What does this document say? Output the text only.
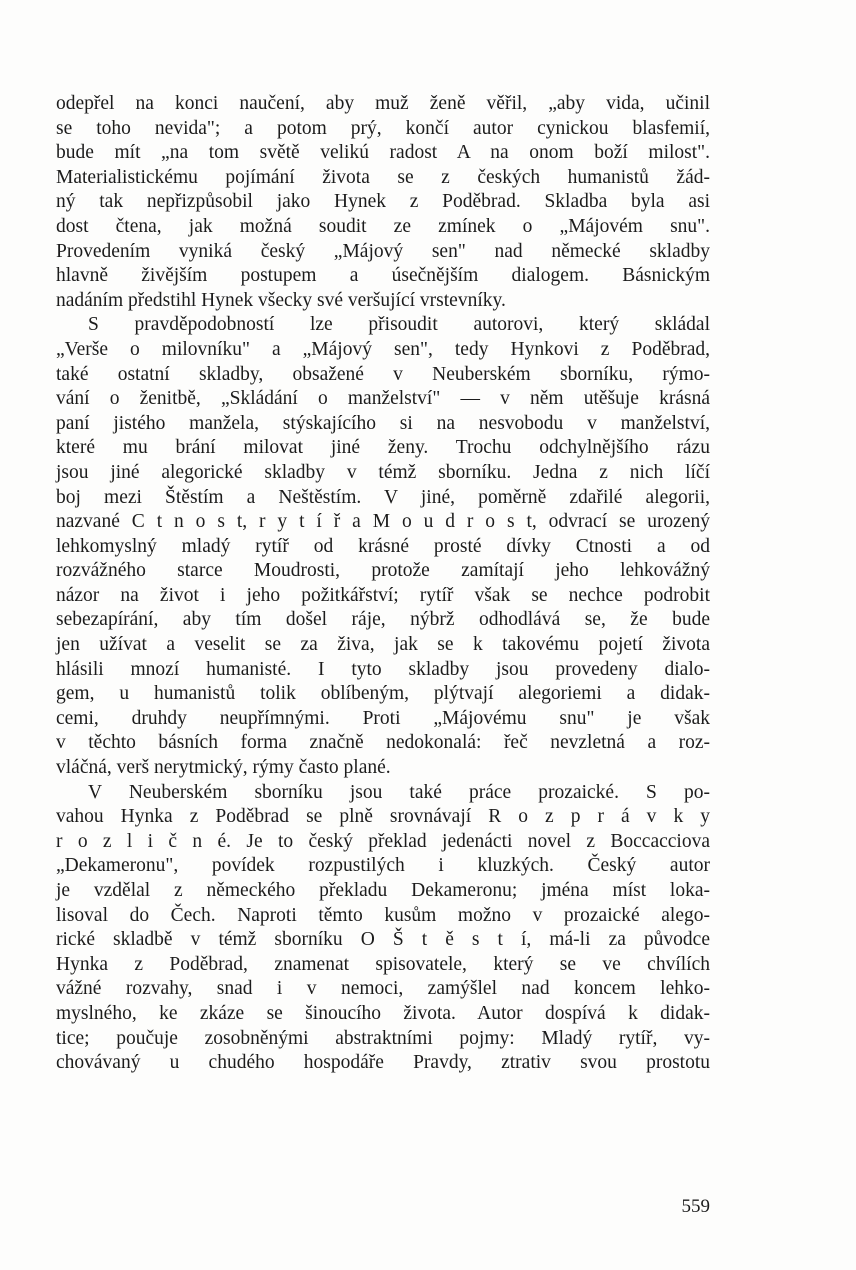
odepřel na konci naučení, aby muž ženě věřil, „aby vida, učinil
se toho nevida"; a potom prý, končí autor cynickou blasfemií,
bude mít „na tom světě velikú radost A na onom boží milost".
Materialistickému pojímání života se z českých humanistů žád-
ný tak nepřizpůsobil jako Hynek z Poděbrad. Skladba byla asi
dost čtena, jak možná soudit ze zmínek o „Májovém snu".
Provedením vyniká český „Májový sen" nad německé skladby
hlavně živějším postupem a úsečnějším dialogem. Básnickým
nadáním předstihl Hynek všecky své veršující vrstevníky.
S pravděpodobností lze přisoudit autorovi, který skládal
„Verše o milovníku" a „Májový sen", tedy Hynkovi z Poděbrad,
také ostatní skladby, obsažené v Neuberském sborníku, rýmo-
vání o ženitbě, „Skládání o manželství" — v něm utěšuje krásná
paní jistého manžela, stýskajícího si na nesvobodu v manželství,
které mu brání milovat jiné ženy. Trochu odchylnějšího rázu
jsou jiné alegorické skladby v témž sborníku. Jedna z nich líčí
boj mezi Štěstím a Neštěstím. V jiné, poměrně zdařilé alegorii,
nazvané C t n o s t, r y t í ř a M o u d r o s t, odvrací se urozený
lehkomyslný mladý rytíř od krásné prosté dívky Ctnosti a od
rozvážného starce Moudrosti, protože zamítají jeho lehkovážný
názor na život i jeho požitkářství; rytíř však se nechce podrobit
sebezapírání, aby tím došel ráje, nýbrž odhodlává se, že bude
jen užívat a veselit se za živa, jak se k takovému pojetí života
hlásili mnozí humanisté. I tyto skladby jsou provedeny dialo-
gem, u humanistů tolik oblíbeným, plýtvají alegoriemi a didak-
cemi, druhdy neupřímnými. Proti „Májovému snu" je však
v těchto básních forma značně nedokonalá: řeč nevzletná a roz-
vláčná, verš nerytmický, rýmy často plané.
V Neuberském sborníku jsou také práce prozaické. S po-
vahou Hynka z Poděbrad se plně srovnávají R o z p r á v k y
r o z l i č n é. Je to český překlad jedenácti novel z Boccacciova
„Dekameronu", povídek rozpustilých i kluzkých. Český autor
je vzdělal z německého překladu Dekameronu; jména míst loka-
lisoval do Čech. Naproti těmto kusům možno v prozaické alego-
rické skladbě v témž sborníku O Š t ě s t í, má-li za původce
Hynka z Poděbrad, znamenat spisovatele, který se ve chvílích
vážné rozvahy, snad i v nemoci, zamýšlel nad koncem lehko-
myslného, ke zkáze se šinoucího života. Autor dospívá k didak-
tice; poučuje zosobněnými abstraktními pojmy: Mladý rytíř, vy-
chovávaný u chudého hospodáře Pravdy, ztrativ svou prostotu
559
